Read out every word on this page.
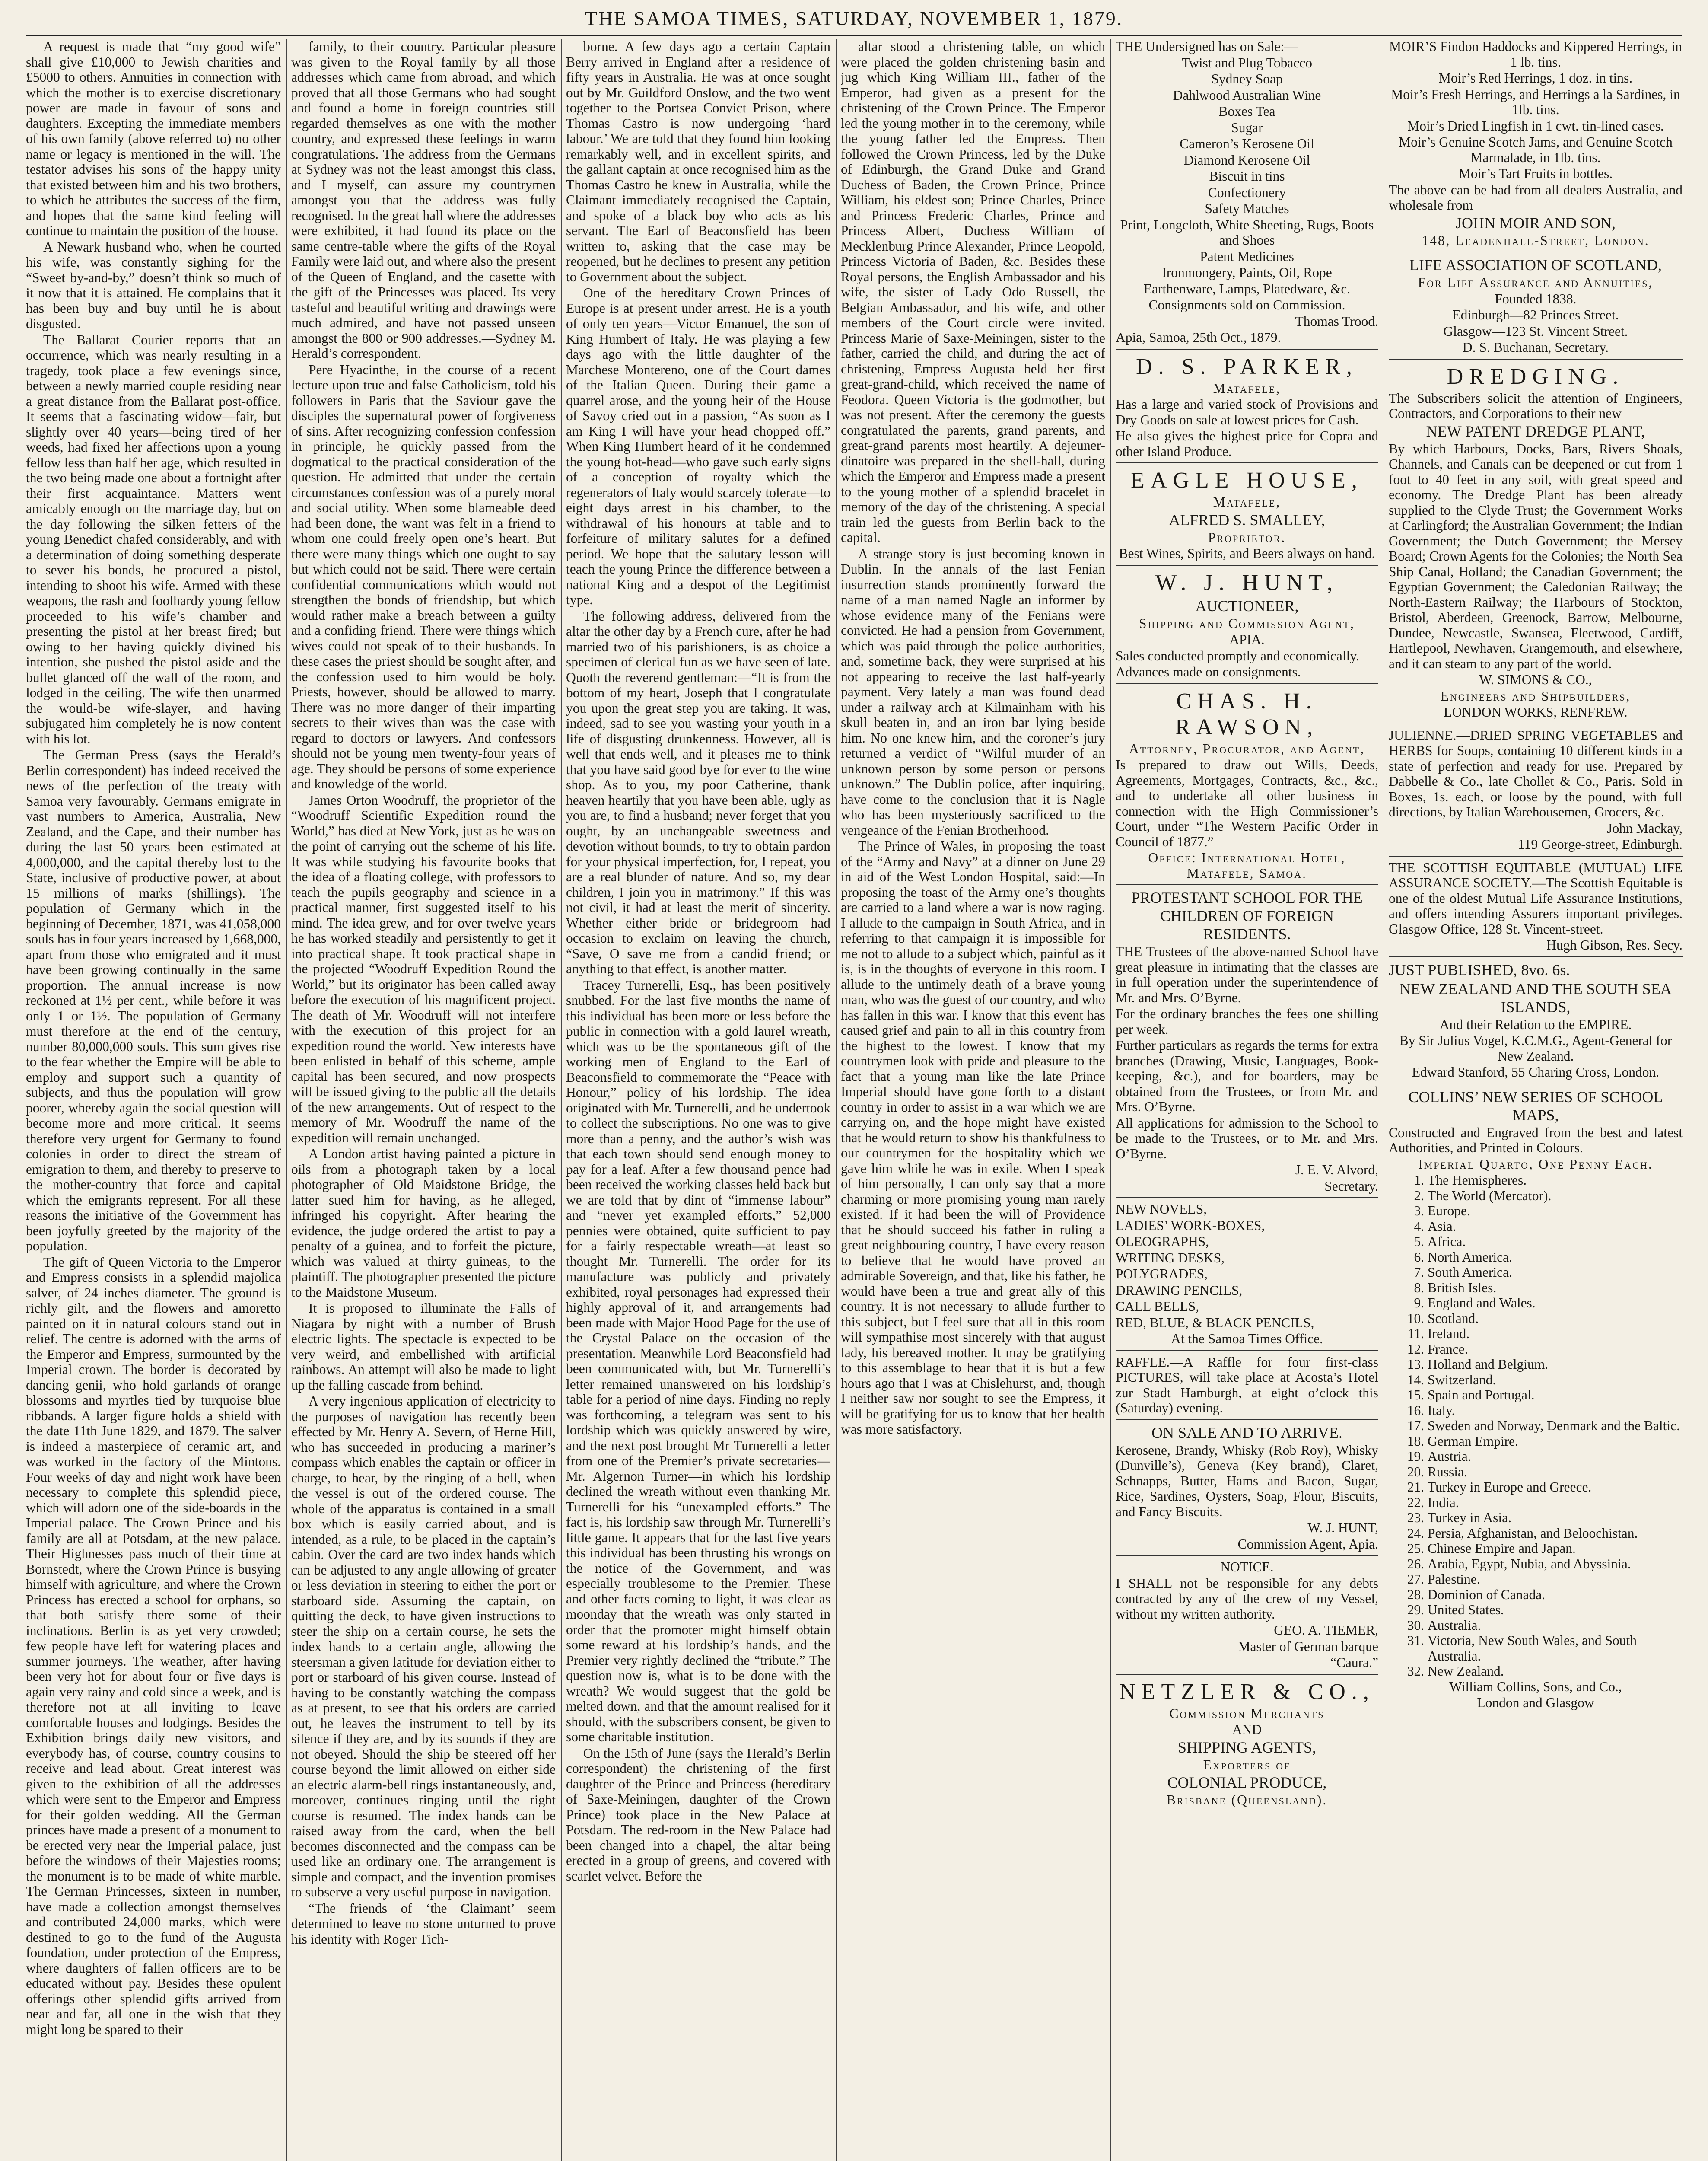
THE SAMOA TIMES, SATURDAY, NOVEMBER 1, 1879.

A request is made that “my good wife” shall give £10,000 to Jewish charities and £5000 to others. Annuities in connection with which the mother is to exercise discretionary power are made in favour of sons and daughters. Excepting the immediate members of his own family (above referred to) no other name or legacy is mentioned in the will. The testator advises his sons of the happy unity that existed between him and his two brothers, to which he attributes the success of the firm, and hopes that the same kind feeling will continue to maintain the position of the house.

A Newark husband who, when he courted his wife, was constantly sighing for the “Sweet by-and-by,” doesn’t think so much of it now that it is attained. He complains that it has been buy and buy until he is about disgusted.

The Ballarat Courier reports that an occurrence, which was nearly resulting in a tragedy, took place a few evenings since, between a newly married couple residing near a great distance from the Ballarat post-office. It seems that a fascinating widow—fair, but slightly over 40 years—being tired of her weeds, had fixed her affections upon a young fellow less than half her age, which resulted in the two being made one about a fortnight after their first acquaintance. Matters went amicably enough on the marriage day, but on the day following the silken fetters of the young Benedict chafed considerably, and with a determination of doing something desperate to sever his bonds, he procured a pistol, intending to shoot his wife. Armed with these weapons, the rash and foolhardy young fellow proceeded to his wife’s chamber and presenting the pistol at her breast fired; but owing to her having quickly divined his intention, she pushed the pistol aside and the bullet glanced off the wall of the room, and lodged in the ceiling. The wife then unarmed the would-be wife-slayer, and having subjugated him completely he is now content with his lot.

The German Press (says the Herald’s Berlin correspondent) has indeed received the news of the perfection of the treaty with Samoa very favourably. Germans emigrate in vast numbers to America, Australia, New Zealand, and the Cape, and their number has during the last 50 years been estimated at 4,000,000, and the capital thereby lost to the State, inclusive of productive power, at about 15 millions of marks (shillings). The population of Germany which in the beginning of December, 1871, was 41,058,000 souls has in four years increased by 1,668,000, apart from those who emigrated and it must have been growing continually in the same proportion. The annual increase is now reckoned at 1½ per cent., while before it was only 1 or 1½. The population of Germany must therefore at the end of the century, number 80,000,000 souls. This sum gives rise to the fear whether the Empire will be able to employ and support such a quantity of subjects, and thus the population will grow poorer, whereby again the social question will become more and more critical. It seems therefore very urgent for Germany to found colonies in order to direct the stream of emigration to them, and thereby to preserve to the mother-country that force and capital which the emigrants represent. For all these reasons the initiative of the Government has been joyfully greeted by the majority of the population.

The gift of Queen Victoria to the Emperor and Empress consists in a splendid majolica salver, of 24 inches diameter. The ground is richly gilt, and the flowers and amoretto painted on it in natural colours stand out in relief. The centre is adorned with the arms of the Emperor and Empress, surmounted by the Imperial crown. The border is decorated by dancing genii, who hold garlands of orange blossoms and myrtles tied by turquoise blue ribbands. A larger figure holds a shield with the date 11th June 1829, and 1879. The salver is indeed a masterpiece of ceramic art, and was worked in the factory of the Mintons. Four weeks of day and night work have been necessary to complete this splendid piece, which will adorn one of the side-boards in the Imperial palace. The Crown Prince and his family are all at Potsdam, at the new palace. Their Highnesses pass much of their time at Bornstedt, where the Crown Prince is busying himself with agriculture, and where the Crown Princess has erected a school for orphans, so that both satisfy there some of their inclinations. Berlin is as yet very crowded; few people have left for watering places and summer journeys. The weather, after having been very hot for about four or five days is again very rainy and cold since a week, and is therefore not at all inviting to leave comfortable houses and lodgings. Besides the Exhibition brings daily new visitors, and everybody has, of course, country cousins to receive and lead about. Great interest was given to the exhibition of all the addresses which were sent to the Emperor and Empress for their golden wedding. All the German princes have made a present of a monument to be erected very near the Imperial palace, just before the windows of their Majesties rooms; the monument is to be made of white marble. The German Princesses, sixteen in number, have made a collection amongst themselves and contributed 24,000 marks, which were destined to go to the fund of the Augusta foundation, under protection of the Empress, where daughters of fallen officers are to be educated without pay. Besides these opulent offerings other splendid gifts arrived from near and far, all one in the wish that they might long be spared to their

family, to their country. Particular pleasure was given to the Royal family by all those addresses which came from abroad, and which proved that all those Germans who had sought and found a home in foreign countries still regarded themselves as one with the mother country, and expressed these feelings in warm congratulations. The address from the Germans at Sydney was not the least amongst this class, and I myself, can assure my countrymen amongst you that the address was fully recognised. In the great hall where the addresses were exhibited, it had found its place on the same centre-table where the gifts of the Royal Family were laid out, and where also the present of the Queen of England, and the casette with the gift of the Princesses was placed. Its very tasteful and beautiful writing and drawings were much admired, and have not passed unseen amongst the 800 or 900 addresses.—Sydney M. Herald’s correspondent.

Pere Hyacinthe, in the course of a recent lecture upon true and false Catholicism, told his followers in Paris that the Saviour gave the disciples the supernatural power of forgiveness of sins. After recognizing confession confession in principle, he quickly passed from the dogmatical to the practical consideration of the question. He admitted that under the certain circumstances confession was of a purely moral and social utility. When some blameable deed had been done, the want was felt in a friend to whom one could freely open one’s heart. But there were many things which one ought to say but which could not be said. There were certain confidential communications which would not strengthen the bonds of friendship, but which would rather make a breach between a guilty and a confiding friend. There were things which wives could not speak of to their husbands. In these cases the priest should be sought after, and the confession used to him would be holy. Priests, however, should be allowed to marry. There was no more danger of their imparting secrets to their wives than was the case with regard to doctors or lawyers. And confessors should not be young men twenty-four years of age. They should be persons of some experience and knowledge of the world.

James Orton Woodruff, the proprietor of the “Woodruff Scientific Expedition round the World,” has died at New York, just as he was on the point of carrying out the scheme of his life. It was while studying his favourite books that the idea of a floating college, with professors to teach the pupils geography and science in a practical manner, first suggested itself to his mind. The idea grew, and for over twelve years he has worked steadily and persistently to get it into practical shape. It took practical shape in the projected “Woodruff Expedition Round the World,” but its originator has been called away before the execution of his magnificent project. The death of Mr. Woodruff will not interfere with the execution of this project for an expedition round the world. New interests have been enlisted in behalf of this scheme, ample capital has been secured, and now prospects will be issued giving to the public all the details of the new arrangements. Out of respect to the memory of Mr. Woodruff the name of the expedition will remain unchanged.

A London artist having painted a picture in oils from a photograph taken by a local photographer of Old Maidstone Bridge, the latter sued him for having, as he alleged, infringed his copyright. After hearing the evidence, the judge ordered the artist to pay a penalty of a guinea, and to forfeit the picture, which was valued at thirty guineas, to the plaintiff. The photographer presented the picture to the Maidstone Museum.

It is proposed to illuminate the Falls of Niagara by night with a number of Brush electric lights. The spectacle is expected to be very weird, and embellished with artificial rainbows. An attempt will also be made to light up the falling cascade from behind.

A very ingenious application of electricity to the purposes of navigation has recently been effected by Mr. Henry A. Severn, of Herne Hill, who has succeeded in producing a mariner’s compass which enables the captain or officer in charge, to hear, by the ringing of a bell, when the vessel is out of the ordered course. The whole of the apparatus is contained in a small box which is easily carried about, and is intended, as a rule, to be placed in the captain’s cabin. Over the card are two index hands which can be adjusted to any angle allowing of greater or less deviation in steering to either the port or starboard side. Assuming the captain, on quitting the deck, to have given instructions to steer the ship on a certain course, he sets the index hands to a certain angle, allowing the steersman a given latitude for deviation either to port or starboard of his given course. Instead of having to be constantly watching the compass as at present, to see that his orders are carried out, he leaves the instrument to tell by its silence if they are, and by its sounds if they are not obeyed. Should the ship be steered off her course beyond the limit allowed on either side an electric alarm-bell rings instantaneously, and, moreover, continues ringing until the right course is resumed. The index hands can be raised away from the card, when the bell becomes disconnected and the compass can be used like an ordinary one. The arrangement is simple and compact, and the invention promises to subserve a very useful purpose in navigation.

“The friends of ‘the Claimant’ seem determined to leave no stone unturned to prove his identity with Roger Tich-

borne. A few days ago a certain Captain Berry arrived in England after a residence of fifty years in Australia. He was at once sought out by Mr. Guildford Onslow, and the two went together to the Portsea Convict Prison, where Thomas Castro is now undergoing ‘hard labour.’ We are told that they found him looking remarkably well, and in excellent spirits, and the gallant captain at once recognised him as the Thomas Castro he knew in Australia, while the Claimant immediately recognised the Captain, and spoke of a black boy who acts as his servant. The Earl of Beaconsfield has been written to, asking that the case may be reopened, but he declines to present any petition to Government about the subject.

One of the hereditary Crown Princes of Europe is at present under arrest. He is a youth of only ten years—Victor Emanuel, the son of King Humbert of Italy. He was playing a few days ago with the little daughter of the Marchese Montereno, one of the Court dames of the Italian Queen. During their game a quarrel arose, and the young heir of the House of Savoy cried out in a passion, “As soon as I am King I will have your head chopped off.” When King Humbert heard of it he condemned the young hot-head—who gave such early signs of a conception of royalty which the regenerators of Italy would scarcely tolerate—to eight days arrest in his chamber, to the withdrawal of his honours at table and to forfeiture of military salutes for a defined period. We hope that the salutary lesson will teach the young Prince the difference between a national King and a despot of the Legitimist type.

The following address, delivered from the altar the other day by a French cure, after he had married two of his parishioners, is as choice a specimen of clerical fun as we have seen of late. Quoth the reverend gentleman:—“It is from the bottom of my heart, Joseph that I congratulate you upon the great step you are taking. It was, indeed, sad to see you wasting your youth in a life of disgusting drunkenness. However, all is well that ends well, and it pleases me to think that you have said good bye for ever to the wine shop. As to you, my poor Catherine, thank heaven heartily that you have been able, ugly as you are, to find a husband; never forget that you ought, by an unchangeable sweetness and devotion without bounds, to try to obtain pardon for your physical imperfection, for, I repeat, you are a real blunder of nature. And so, my dear children, I join you in matrimony.” If this was not civil, it had at least the merit of sincerity. Whether either bride or bridegroom had occasion to exclaim on leaving the church, “Save, O save me from a candid friend; or anything to that effect, is another matter.

Tracey Turnerelli, Esq., has been positively snubbed. For the last five months the name of this individual has been more or less before the public in connection with a gold laurel wreath, which was to be the spontaneous gift of the working men of England to the Earl of Beaconsfield to commemorate the “Peace with Honour,” policy of his lordship. The idea originated with Mr. Turnerelli, and he undertook to collect the subscriptions. No one was to give more than a penny, and the author’s wish was that each town should send enough money to pay for a leaf. After a few thousand pence had been received the working classes held back but we are told that by dint of “immense labour” and “never yet exampled efforts,” 52,000 pennies were obtained, quite sufficient to pay for a fairly respectable wreath—at least so thought Mr. Turnerelli. The order for its manufacture was publicly and privately exhibited, royal personages had expressed their highly approval of it, and arrangements had been made with Major Hood Page for the use of the Crystal Palace on the occasion of the presentation. Meanwhile Lord Beaconsfield had been communicated with, but Mr. Turnerelli’s letter remained unanswered on his lordship’s table for a period of nine days. Finding no reply was forthcoming, a telegram was sent to his lordship which was quickly answered by wire, and the next post brought Mr Turnerelli a letter from one of the Premier’s private secretaries—Mr. Algernon Turner—in which his lordship declined the wreath without even thanking Mr. Turnerelli for his “unexampled efforts.” The fact is, his lordship saw through Mr. Turnerelli’s little game. It appears that for the last five years this individual has been thrusting his wrongs on the notice of the Government, and was especially troublesome to the Premier. These and other facts coming to light, it was clear as moonday that the wreath was only started in order that the promoter might himself obtain some reward at his lordship’s hands, and the Premier very rightly declined the “tribute.” The question now is, what is to be done with the wreath? We would suggest that the gold be melted down, and that the amount realised for it should, with the subscribers consent, be given to some charitable institution.

On the 15th of June (says the Herald’s Berlin correspondent) the christening of the first daughter of the Prince and Princess (hereditary of Saxe-Meiningen, daughter of the Crown Prince) took place in the New Palace at Potsdam. The red-room in the New Palace had been changed into a chapel, the altar being erected in a group of greens, and covered with scarlet velvet. Before the

altar stood a christening table, on which were placed the golden christening basin and jug which King William III., father of the Emperor, had given as a present for the christening of the Crown Prince. The Emperor led the young mother in to the ceremony, while the young father led the Empress. Then followed the Crown Princess, led by the Duke of Edinburgh, the Grand Duke and Grand Duchess of Baden, the Crown Prince, Prince William, his eldest son; Prince Charles, Prince and Princess Frederic Charles, Prince and Princess Albert, Duchess William of Mecklenburg Prince Alexander, Prince Leopold, Princess Victoria of Baden, &c. Besides these Royal persons, the English Ambassador and his wife, the sister of Lady Odo Russell, the Belgian Ambassador, and his wife, and other members of the Court circle were invited. Princess Marie of Saxe-Meiningen, sister to the father, carried the child, and during the act of christening, Empress Augusta held her first great-grand-child, which received the name of Feodora. Queen Victoria is the godmother, but was not present. After the ceremony the guests congratulated the parents, grand parents, and great-grand parents most heartily. A dejeuner-dinatoire was prepared in the shell-hall, during which the Emperor and Empress made a present to the young mother of a splendid bracelet in memory of the day of the christening. A special train led the guests from Berlin back to the capital.

A strange story is just becoming known in Dublin. In the annals of the last Fenian insurrection stands prominently forward the name of a man named Nagle an informer by whose evidence many of the Fenians were convicted. He had a pension from Government, which was paid through the police authorities, and, sometime back, they were surprised at his not appearing to receive the last half-yearly payment. Very lately a man was found dead under a railway arch at Kilmainham with his skull beaten in, and an iron bar lying beside him. No one knew him, and the coroner’s jury returned a verdict of “Wilful murder of an unknown person by some person or persons unknown.” The Dublin police, after inquiring, have come to the conclusion that it is Nagle who has been mysteriously sacrificed to the vengeance of the Fenian Brotherhood.

The Prince of Wales, in proposing the toast of the “Army and Navy” at a dinner on June 29 in aid of the West London Hospital, said:—In proposing the toast of the Army one’s thoughts are carried to a land where a war is now raging. I allude to the campaign in South Africa, and in referring to that campaign it is impossible for me not to allude to a subject which, painful as it is, is in the thoughts of everyone in this room. I allude to the untimely death of a brave young man, who was the guest of our country, and who has fallen in this war. I know that this event has caused grief and pain to all in this country from the highest to the lowest. I know that my countrymen look with pride and pleasure to the fact that a young man like the late Prince Imperial should have gone forth to a distant country in order to assist in a war which we are carrying on, and the hope might have existed that he would return to show his thankfulness to our countrymen for the hospitality which we gave him while he was in exile. When I speak of him personally, I can only say that a more charming or more promising young man rarely existed. If it had been the will of Providence that he should succeed his father in ruling a great neighbouring country, I have every reason to believe that he would have proved an admirable Sovereign, and that, like his father, he would have been a true and great ally of this country. It is not necessary to allude further to this subject, but I feel sure that all in this room will sympathise most sincerely with that august lady, his bereaved mother. It may be gratifying to this assemblage to hear that it is but a few hours ago that I was at Chislehurst, and, though I neither saw nor sought to see the Empress, it will be gratifying for us to know that her health was more satisfactory.

THE Undersigned has on Sale:—

Twist and Plug Tobacco

Sydney Soap

Dahlwood Australian Wine

Boxes Tea

Sugar

Cameron’s Kerosene Oil

Diamond Kerosene Oil

Biscuit in tins

Confectionery

Safety Matches

Print, Longcloth, White Sheeting, Rugs, Boots and Shoes

Patent Medicines

Ironmongery, Paints, Oil, Rope

Earthenware, Lamps, Platedware, &c.

Consignments sold on Commission.

Thomas Trood.

Apia, Samoa, 25th Oct., 1879.

D. S. PARKER,

Matafele,

Has a large and varied stock of Provisions and Dry Goods on sale at lowest prices for Cash.

He also gives the highest price for Copra and other Island Produce.

EAGLE HOUSE,

Matafele,

ALFRED S. SMALLEY,

Proprietor.

Best Wines, Spirits, and Beers always on hand.

W. J. HUNT,

AUCTIONEER,

Shipping and Commission Agent,

APIA.

Sales conducted promptly and economically.

Advances made on consignments.

CHAS. H. RAWSON,

Attorney, Procurator, and Agent,

Is prepared to draw out Wills, Deeds, Agreements, Mortgages, Contracts, &c., &c., and to undertake all other business in connection with the High Commissioner’s Court, under “The Western Pacific Order in Council of 1877.”

Office: International Hotel, Matafele, Samoa.

PROTESTANT SCHOOL FOR THE CHILDREN OF FOREIGN RESIDENTS.

THE Trustees of the above-named School have great pleasure in intimating that the classes are in full operation under the superintendence of Mr. and Mrs. O’Byrne.

For the ordinary branches the fees one shilling per week.

Further particulars as regards the terms for extra branches (Drawing, Music, Languages, Book-keeping, &c.), and for boarders, may be obtained from the Trustees, or from Mr. and Mrs. O’Byrne.

All applications for admission to the School to be made to the Trustees, or to Mr. and Mrs. O’Byrne.

J. E. V. Alvord,

Secretary.

NEW NOVELS,

LADIES’ WORK-BOXES,

OLEOGRAPHS,

WRITING DESKS,

POLYGRADES,

DRAWING PENCILS,

CALL BELLS,

RED, BLUE, & BLACK PENCILS,

At the Samoa Times Office.

RAFFLE.—A Raffle for four first-class PICTURES, will take place at Acosta’s Hotel zur Stadt Hamburgh, at eight o’clock this (Saturday) evening.

ON SALE AND TO ARRIVE.

Kerosene, Brandy, Whisky (Rob Roy), Whisky (Dunville’s), Geneva (Key brand), Claret, Schnapps, Butter, Hams and Bacon, Sugar, Rice, Sardines, Oysters, Soap, Flour, Biscuits, and Fancy Biscuits.

W. J. HUNT,

Commission Agent, Apia.

NOTICE.

I SHALL not be responsible for any debts contracted by any of the crew of my Vessel, without my written authority.

GEO. A. TIEMER,

Master of German barque

“Caura.”

NETZLER & CO.,

Commission Merchants

AND

SHIPPING AGENTS,

Exporters of

COLONIAL PRODUCE,

Brisbane (Queensland).

MOIR’S Findon Haddocks and Kippered Herrings, in 1 lb. tins.

Moir’s Red Herrings, 1 doz. in tins.

Moir’s Fresh Herrings, and Herrings a la Sardines, in 1lb. tins.

Moir’s Dried Lingfish in 1 cwt. tin-lined cases.

Moir’s Genuine Scotch Jams, and Genuine Scotch Marmalade, in 1lb. tins.

Moir’s Tart Fruits in bottles.

The above can be had from all dealers Australia, and wholesale from

JOHN MOIR AND SON,

148, Leadenhall-Street, London.

LIFE ASSOCIATION OF SCOTLAND,

For Life Assurance and Annuities,

Founded 1838.

Edinburgh—82 Princes Street.

Glasgow—123 St. Vincent Street.

D. S. Buchanan, Secretary.

DREDGING.

The Subscribers solicit the attention of Engineers, Contractors, and Corporations to their new

NEW PATENT DREDGE PLANT,

By which Harbours, Docks, Bars, Rivers Shoals, Channels, and Canals can be deepened or cut from 1 foot to 40 feet in any soil, with great speed and economy. The Dredge Plant has been already supplied to the Clyde Trust; the Government Works at Carlingford; the Australian Government; the Indian Government; the Dutch Government; the Mersey Board; Crown Agents for the Colonies; the North Sea Ship Canal, Holland; the Canadian Government; the Egyptian Government; the Caledonian Railway; the North-Eastern Railway; the Harbours of Stockton, Bristol, Aberdeen, Greenock, Barrow, Melbourne, Dundee, Newcastle, Swansea, Fleetwood, Cardiff, Hartlepool, Newhaven, Grangemouth, and elsewhere, and it can steam to any part of the world.

W. SIMONS & CO.,

Engineers and Shipbuilders,

LONDON WORKS, RENFREW.

JULIENNE.—DRIED SPRING VEGETABLES and HERBS for Soups, containing 10 different kinds in a state of perfection and ready for use. Prepared by Dabbelle & Co., late Chollet & Co., Paris. Sold in Boxes, 1s. each, or loose by the pound, with full directions, by Italian Warehousemen, Grocers, &c.

John Mackay,

119 George-street, Edinburgh.

THE SCOTTISH EQUITABLE (MUTUAL) LIFE ASSURANCE SOCIETY.—The Scottish Equitable is one of the oldest Mutual Life Assurance Institutions, and offers intending Assurers important privileges. Glasgow Office, 128 St. Vincent-street.

Hugh Gibson, Res. Secy.

JUST PUBLISHED, 8vo. 6s.

NEW ZEALAND AND THE SOUTH SEA ISLANDS,

And their Relation to the EMPIRE.

By Sir Julius Vogel, K.C.M.G., Agent-General for New Zealand.

Edward Stanford, 55 Charing Cross, London.

COLLINS’ NEW SERIES OF SCHOOL MAPS,

Constructed and Engraved from the best and latest Authorities, and Printed in Colours.

Imperial Quarto, One Penny Each.

1. The Hemispheres.
2. The World (Mercator).
3. Europe.
4. Asia.
5. Africa.
6. North America.
7. South America.
8. British Isles.
9. England and Wales.
10. Scotland.
11. Ireland.
12. France.
13. Holland and Belgium.
14. Switzerland.
15. Spain and Portugal.
16. Italy.
17. Sweden and Norway, Denmark and the Baltic.
18. German Empire.
19. Austria.
20. Russia.
21. Turkey in Europe and Greece.
22. India.
23. Turkey in Asia.
24. Persia, Afghanistan, and Beloochistan.
25. Chinese Empire and Japan.
26. Arabia, Egypt, Nubia, and Abyssinia.
27. Palestine.
28. Dominion of Canada.
29. United States.
30. Australia.
31. Victoria, New South Wales, and South Australia.
32. New Zealand.

William Collins, Sons, and Co.,

London and Glasgow
